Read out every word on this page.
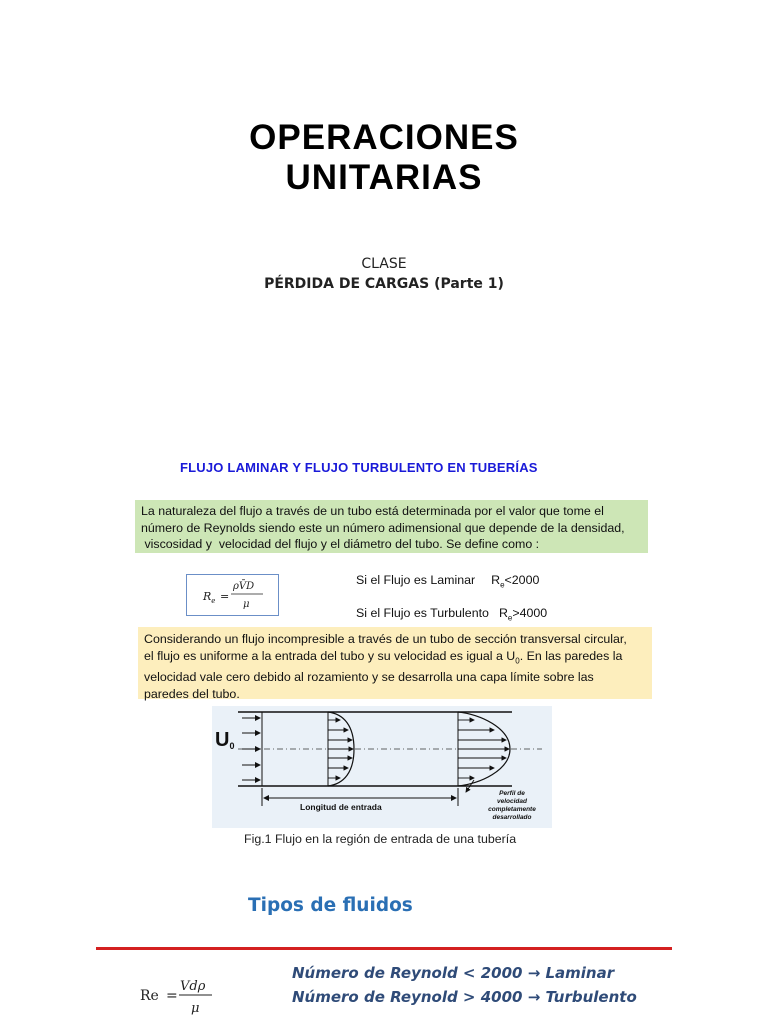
OPERACIONES
UNITARIAS
CLASE
PÉRDIDA DE CARGAS (Parte 1)
FLUJO LAMINAR Y FLUJO TURBULENTO EN TUBERÍAS
La naturaleza del flujo a través de un tubo está determinada por el valor que tome el
número de Reynolds siendo este un número adimensional que depende de la densidad,
viscosidad y  velocidad del flujo y el diámetro del tubo. Se define como :
$R_e$ =
ρV̄D
μ
Si el Flujo es Laminar $R_e<2000$
Si el Flujo es Turbulento $R_e>4000$
Considerando un flujo incompresible a través de un tubo de sección transversal circular,
el flujo es uniforme a la entrada del tubo y su velocidad es igual a $U_0$. En las paredes la
velocidad vale cero debido al rozamiento y se desarrolla una capa límite sobre las
paredes del tubo.
U0
Longitud de entrada
Perfil de
velocidad
completamente
desarrollado
Fig.1 Flujo en la región de entrada de una tubería
Tipos de fluidos
Re =
Vdρ
μ
Número de Reynold < 2000 → Laminar
Número de Reynold > 4000 → Turbulento
